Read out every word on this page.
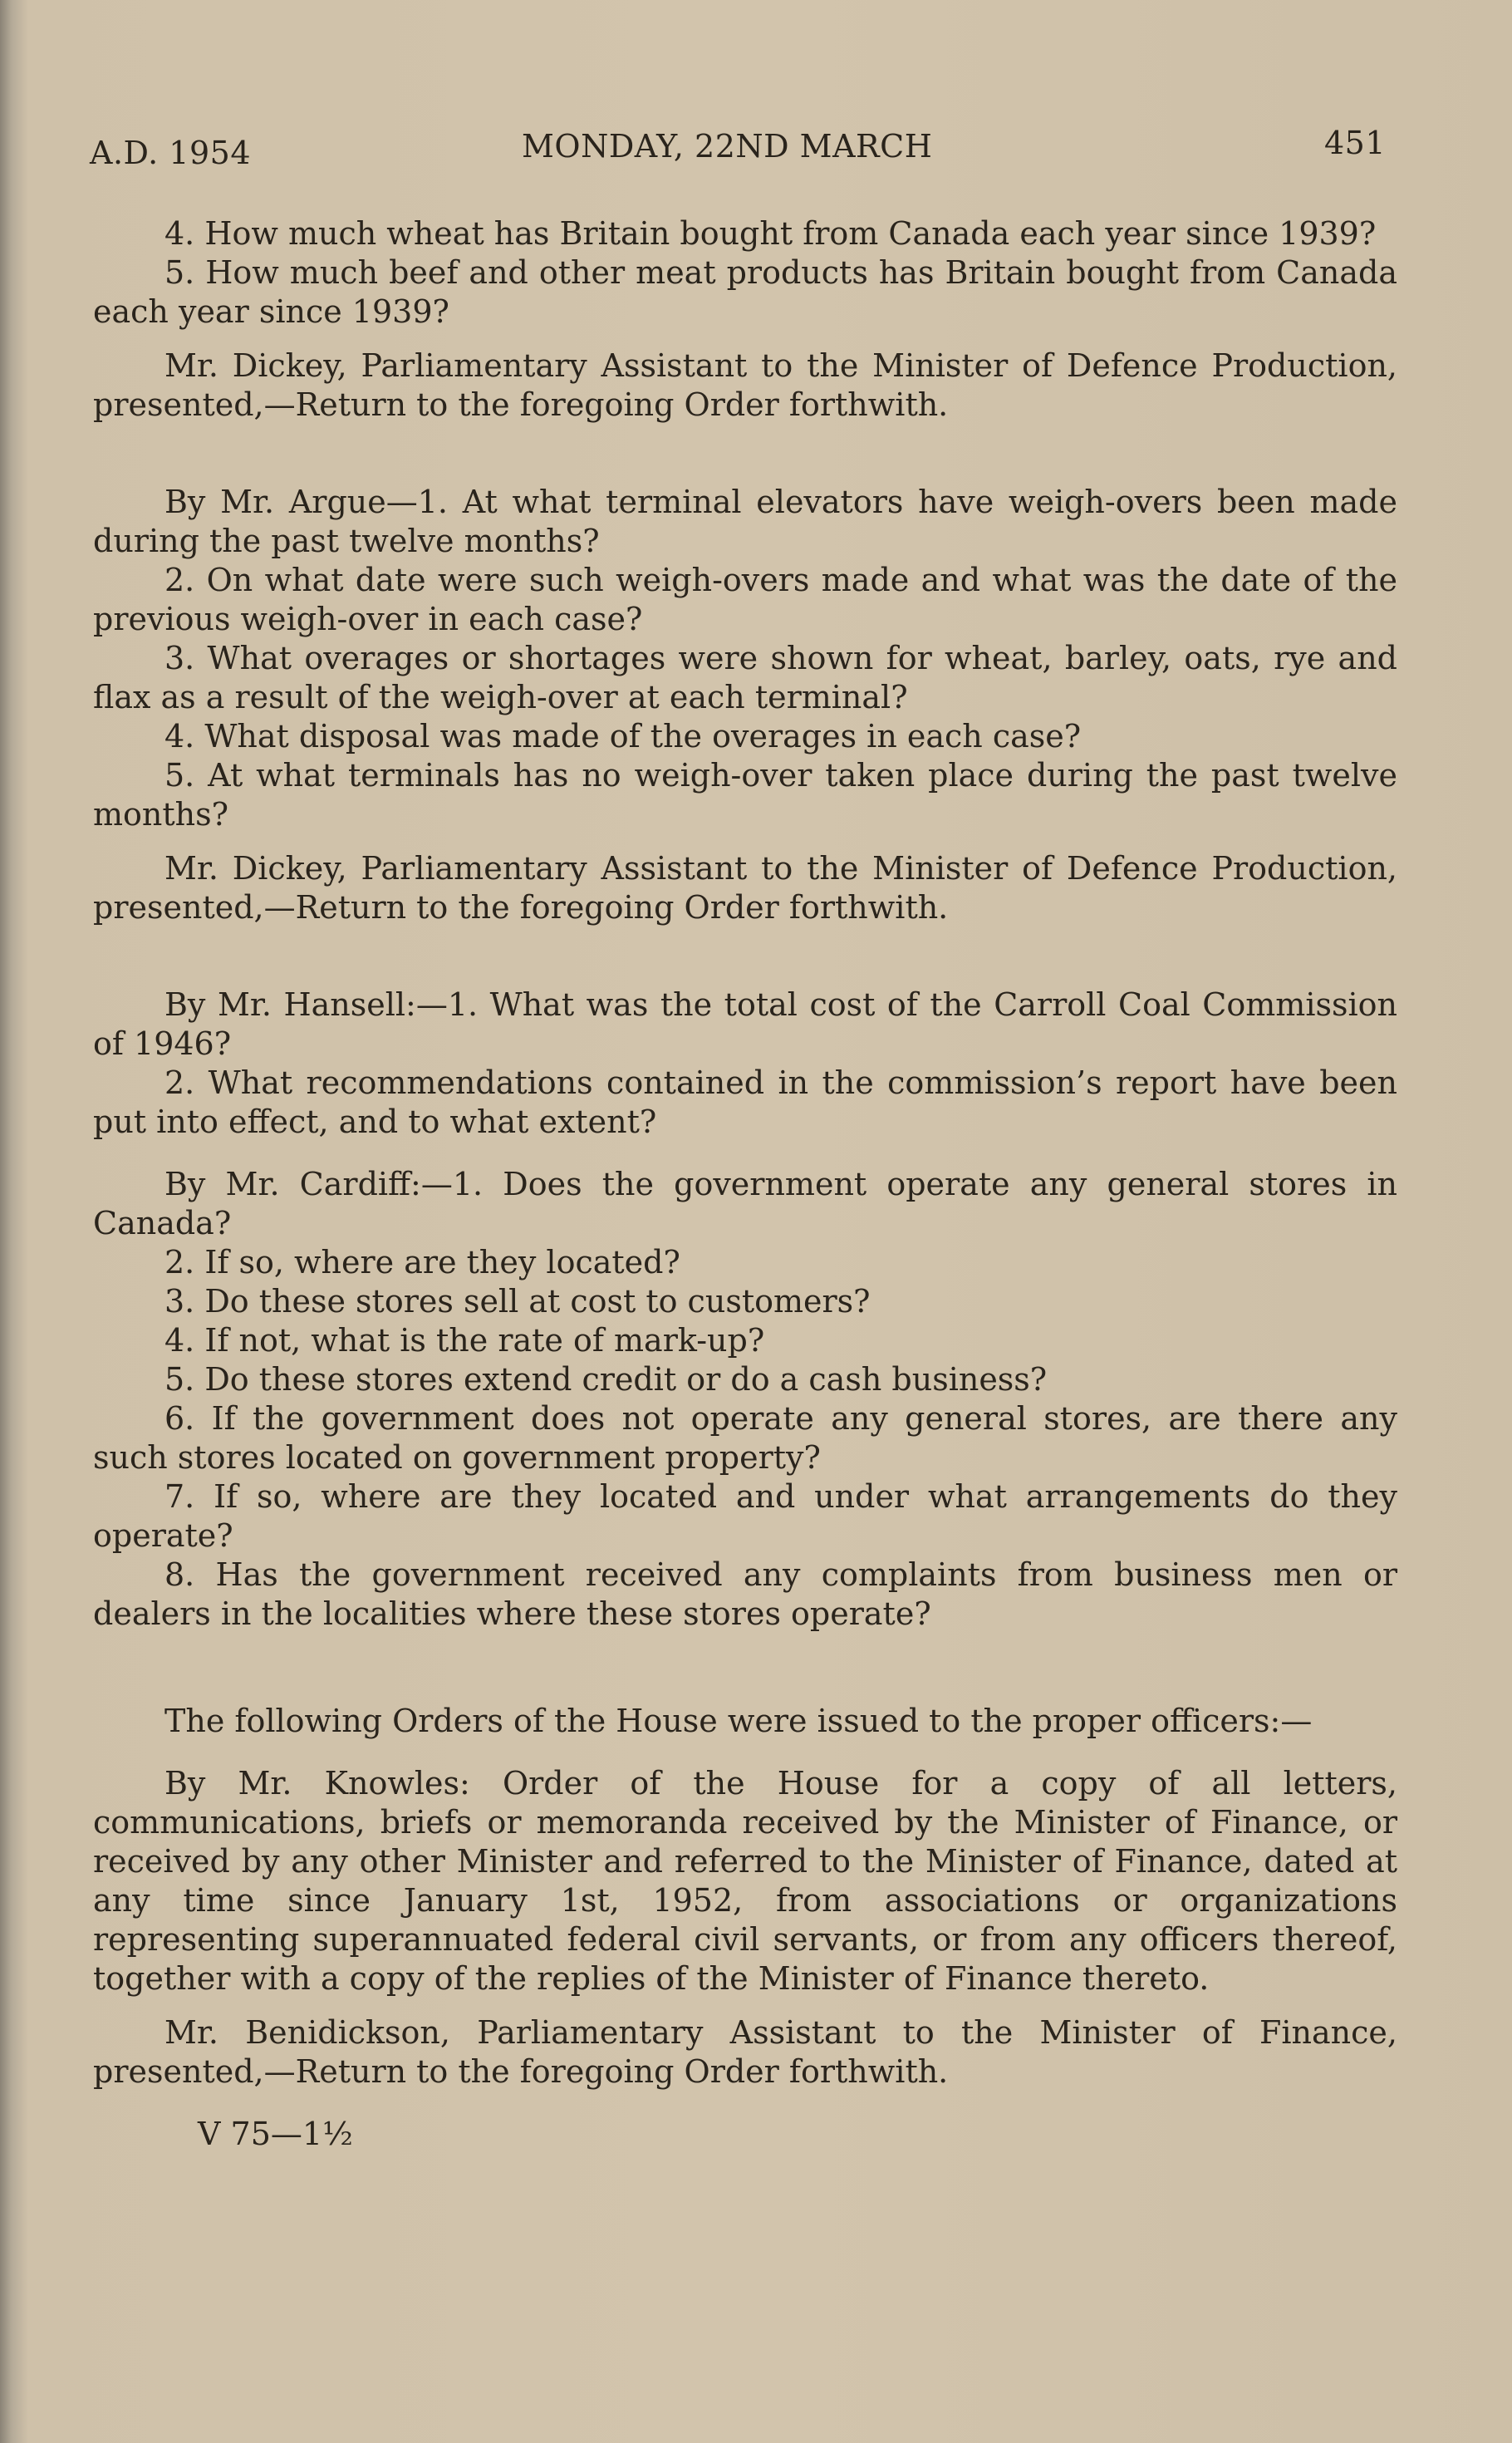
A.D. 1954	MONDAY, 22ND MARCH	451

4. How much wheat has Britain bought from Canada each year since 1939?

5. How much beef and other meat products has Britain bought from Canada each year since 1939?

Mr. Dickey, Parliamentary Assistant to the Minister of Defence Production, presented,—Return to the foregoing Order forthwith.

By Mr. Argue—1. At what terminal elevators have weigh-overs been made during the past twelve months?

2. On what date were such weigh-overs made and what was the date of the previous weigh-over in each case?

3. What overages or shortages were shown for wheat, barley, oats, rye and flax as a result of the weigh-over at each terminal?

4. What disposal was made of the overages in each case?

5. At what terminals has no weigh-over taken place during the past twelve months?

Mr. Dickey, Parliamentary Assistant to the Minister of Defence Production, presented,—Return to the foregoing Order forthwith.

By Mr. Hansell:—1. What was the total cost of the Carroll Coal Commission of 1946?

2. What recommendations contained in the commission’s report have been put into effect, and to what extent?

By Mr. Cardiff:—1. Does the government operate any general stores in Canada?

2. If so, where are they located?

3. Do these stores sell at cost to customers?

4. If not, what is the rate of mark-up?

5. Do these stores extend credit or do a cash business?

6. If the government does not operate any general stores, are there any such stores located on government property?

7. If so, where are they located and under what arrangements do they operate?

8. Has the government received any complaints from business men or dealers in the localities where these stores operate?

The following Orders of the House were issued to the proper officers:—

By Mr. Knowles: Order of the House for a copy of all letters, communications, briefs or memoranda received by the Minister of Finance, or received by any other Minister and referred to the Minister of Finance, dated at any time since January 1st, 1952, from associations or organizations representing superannuated federal civil servants, or from any officers thereof, together with a copy of the replies of the Minister of Finance thereto.

Mr. Benidickson, Parliamentary Assistant to the Minister of Finance, presented,—Return to the foregoing Order forthwith.

V 75—1½
